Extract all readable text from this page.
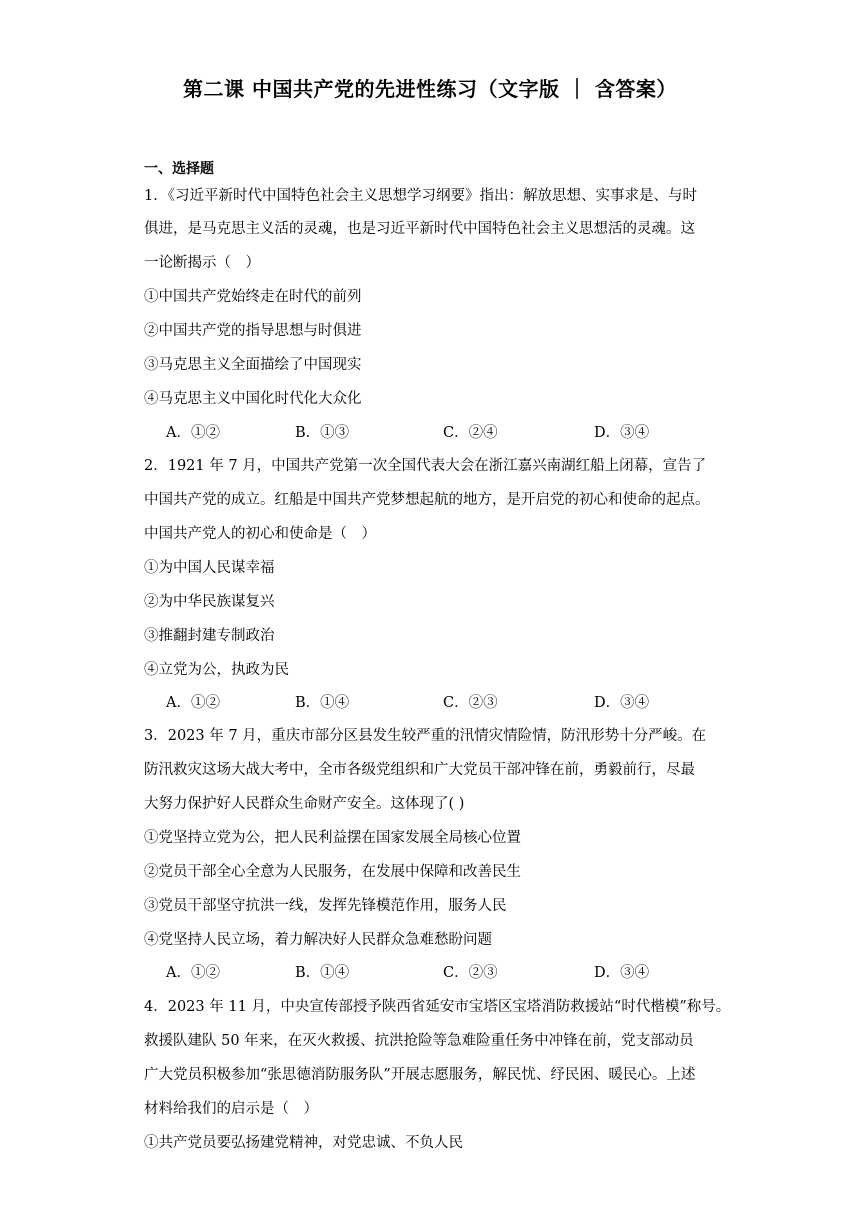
第二课 中国共产党的先进性练习（文字版 ｜ 含答案）
一、选择题
1．《习近平新时代中国特色社会主义思想学习纲要》指出：解放思想、实事求是、与时
俱进，是马克思主义活的灵魂，也是习近平新时代中国特色社会主义思想活的灵魂。这
一论断揭示（　）
①中国共产党始终走在时代的前列
②中国共产党的指导思想与时俱进
③马克思主义全面描绘了中国现实
④马克思主义中国化时代化大众化
A．①②	B．①③	C．②④	D．③④
2．1921 年 7 月，中国共产党第一次全国代表大会在浙江嘉兴南湖红船上闭幕，宣告了
中国共产党的成立。红船是中国共产党梦想起航的地方，是开启党的初心和使命的起点。
中国共产党人的初心和使命是（　）
①为中国人民谋幸福
②为中华民族谋复兴
③推翻封建专制政治
④立党为公，执政为民
A．①②	B．①④	C．②③	D．③④
3．2023 年 7 月，重庆市部分区县发生较严重的汛情灾情险情，防汛形势十分严峻。在
防汛救灾这场大战大考中，全市各级党组织和广大党员干部冲锋在前，勇毅前行，尽最
大努力保护好人民群众生命财产安全。这体现了( )
①党坚持立党为公，把人民利益摆在国家发展全局核心位置
②党员干部全心全意为人民服务，在发展中保障和改善民生
③党员干部坚守抗洪一线，发挥先锋模范作用，服务人民
④党坚持人民立场，着力解决好人民群众急难愁盼问题
A．①②	B．①④	C．②③	D．③④
4．2023 年 11 月，中央宣传部授予陕西省延安市宝塔区宝塔消防救援站“时代楷模”称号。
救援队建队 50 年来，在灭火救援、抗洪抢险等急难险重任务中冲锋在前，党支部动员
广大党员积极参加“张思德消防服务队”开展志愿服务，解民忧、纾民困、暖民心。上述
材料给我们的启示是（　）
①共产党员要弘扬建党精神，对党忠诚、不负人民
